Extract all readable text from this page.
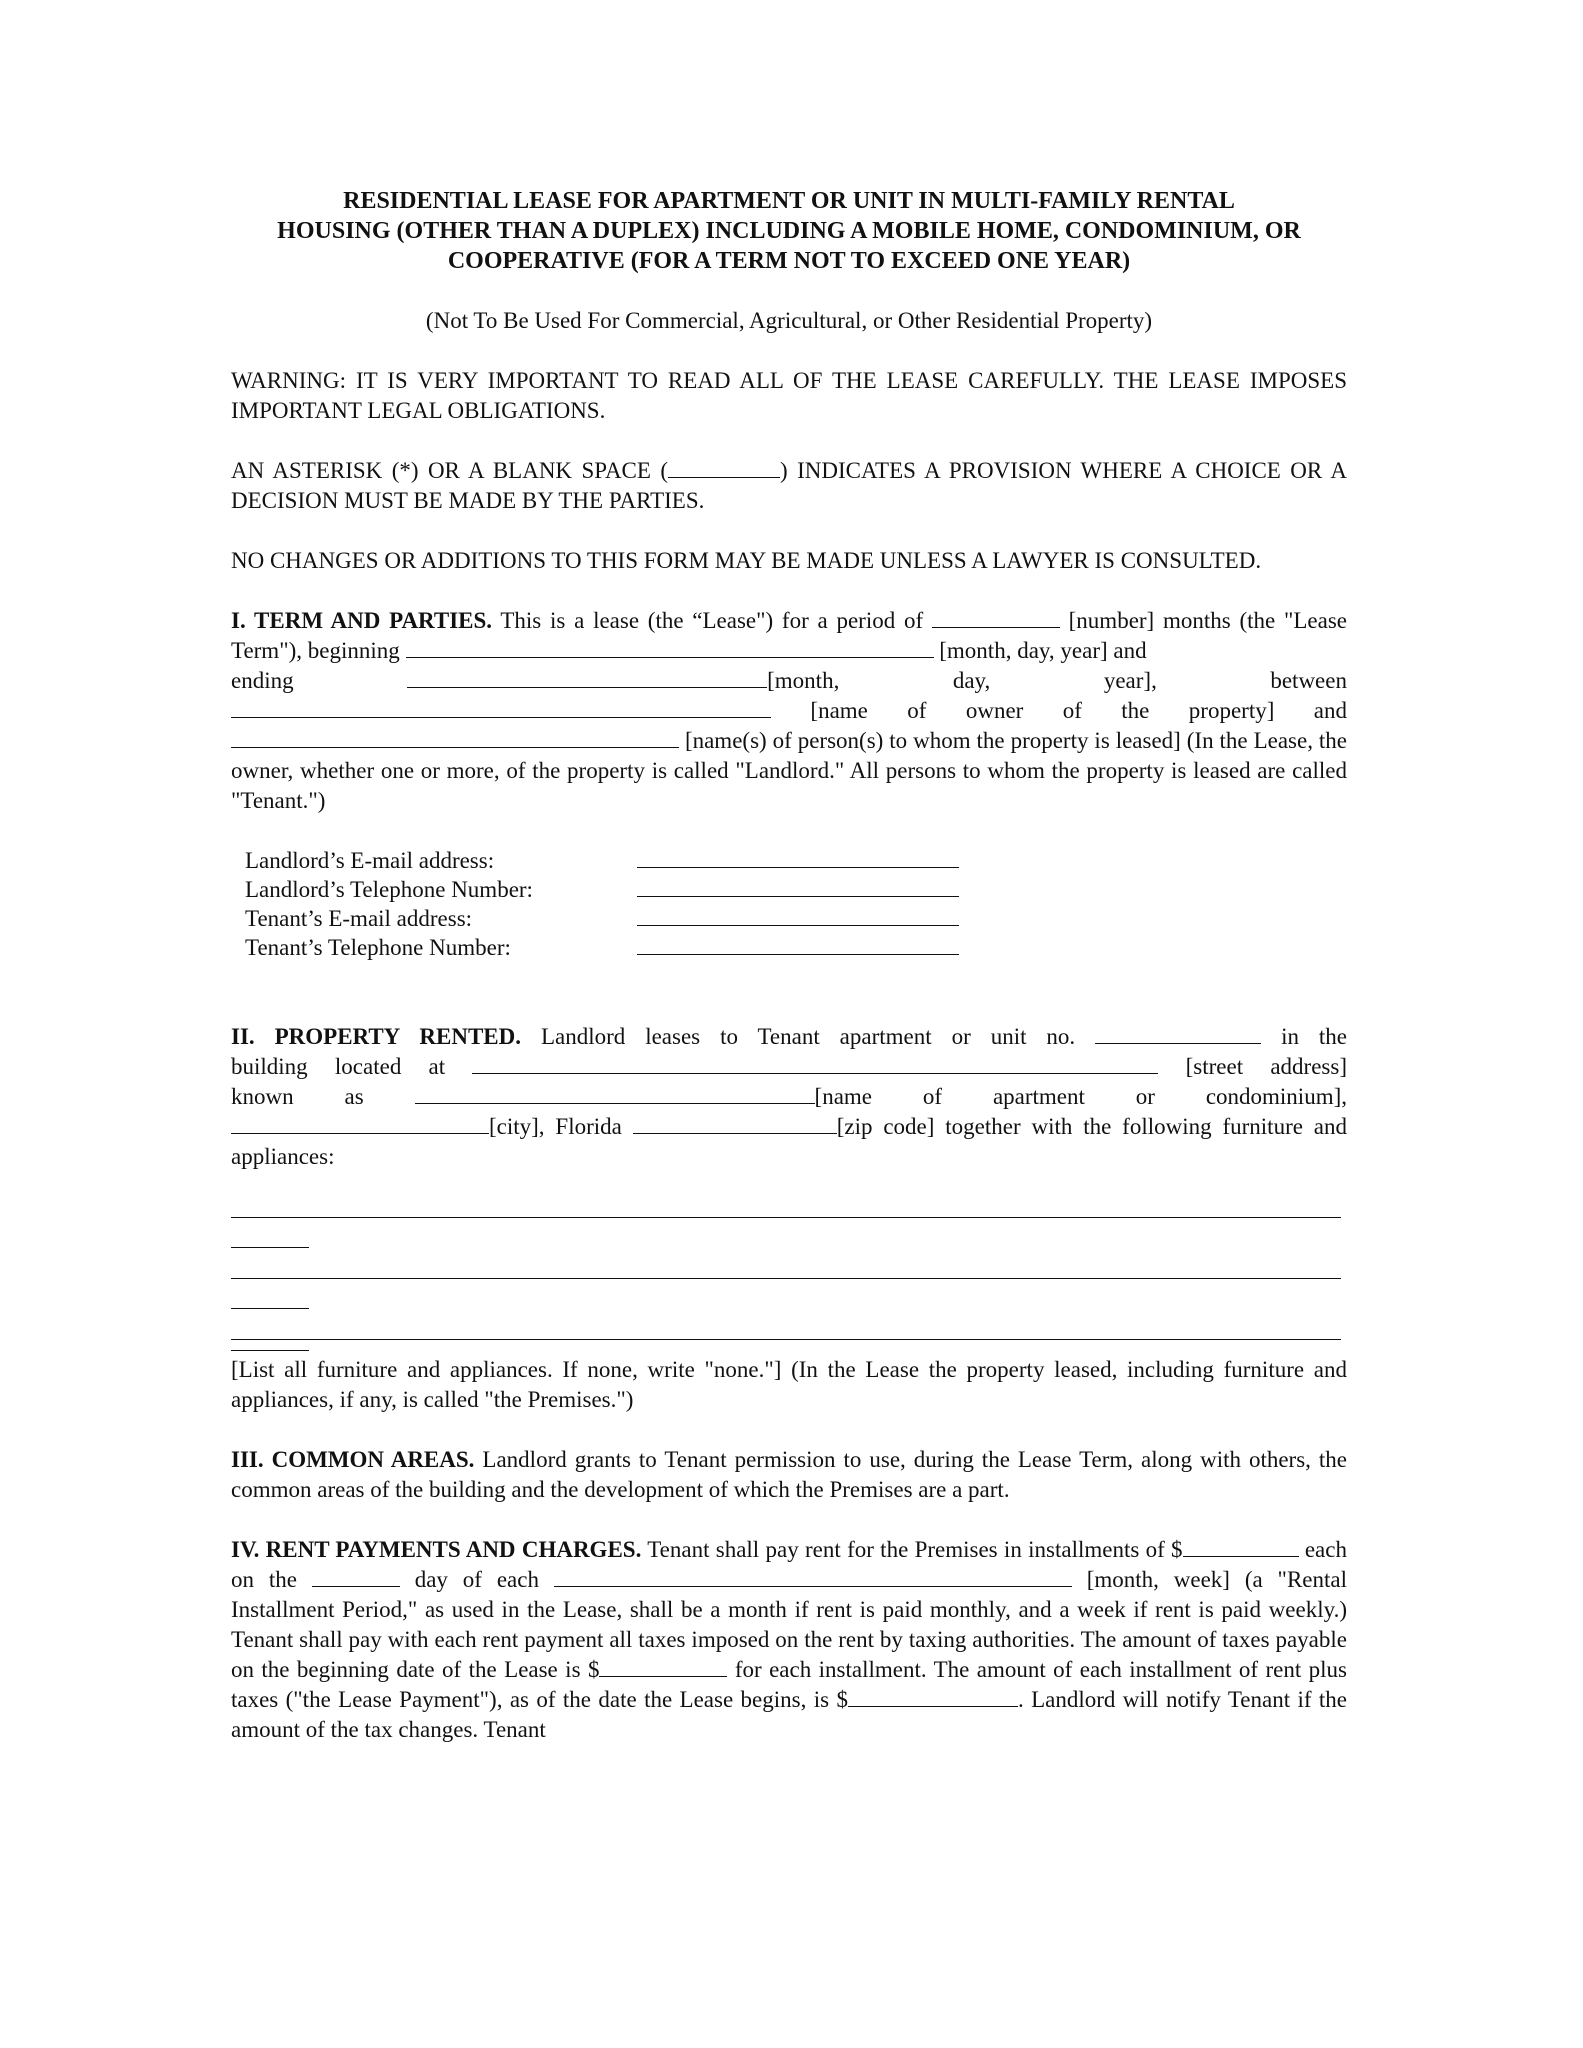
RESIDENTIAL LEASE FOR APARTMENT OR UNIT IN MULTI-FAMILY RENTAL

HOUSING (OTHER THAN A DUPLEX) INCLUDING A MOBILE HOME, CONDOMINIUM, OR

COOPERATIVE (FOR A TERM NOT TO EXCEED ONE YEAR)

(Not To Be Used For Commercial, Agricultural, or Other Residential Property)

WARNING: IT IS VERY IMPORTANT TO READ ALL OF THE LEASE CAREFULLY. THE LEASE IMPOSES IMPORTANT LEGAL OBLIGATIONS.

AN ASTERISK (*) OR A BLANK SPACE (	) INDICATES A PROVISION WHERE A CHOICE OR A DECISION MUST BE MADE BY THE PARTIES.

NO CHANGES OR ADDITIONS TO THIS FORM MAY BE MADE UNLESS A LAWYER IS CONSULTED.

I. TERM AND PARTIES. This is a lease (the “Lease") for a period of	[number] months (the "Lease Term"), beginning	[month, day, year] and

ending	[month,	day,	year],	between

[name of owner of the property] and

[name(s) of person(s) to whom the property is leased] (In the Lease, the owner, whether one or more, of the property is called "Landlord." All persons to whom the property is leased are called "Tenant.")

Landlord’s E-mail address:
Landlord’s Telephone Number:
Tenant’s E-mail address:
Tenant’s Telephone Number:

II. PROPERTY RENTED. Landlord leases to Tenant apartment or unit no.	in the

building located at	[street address]

known as	[name of apartment or condominium],

[city], Florida	[zip code] together with the following furniture and appliances:

[List all furniture and appliances. If none, write "none."] (In the Lease the property leased, including furniture and appliances, if any, is called "the Premises.")

III. COMMON AREAS. Landlord grants to Tenant permission to use, during the Lease Term, along with others, the common areas of the building and the development of which the Premises are a part.

IV. RENT PAYMENTS AND CHARGES. Tenant shall pay rent for the Premises in installments of $	each on the	day of each	[month, week] (a "Rental Installment Period," as used in the Lease, shall be a month if rent is paid monthly, and a week if rent is paid weekly.) Tenant shall pay with each rent payment all taxes imposed on the rent by taxing authorities. The amount of taxes payable on the beginning date of the Lease is $	for each installment. The amount of each installment of rent plus taxes ("the Lease Payment"), as of the date the Lease begins, is $	. Landlord will notify Tenant if the amount of the tax changes. Tenant
